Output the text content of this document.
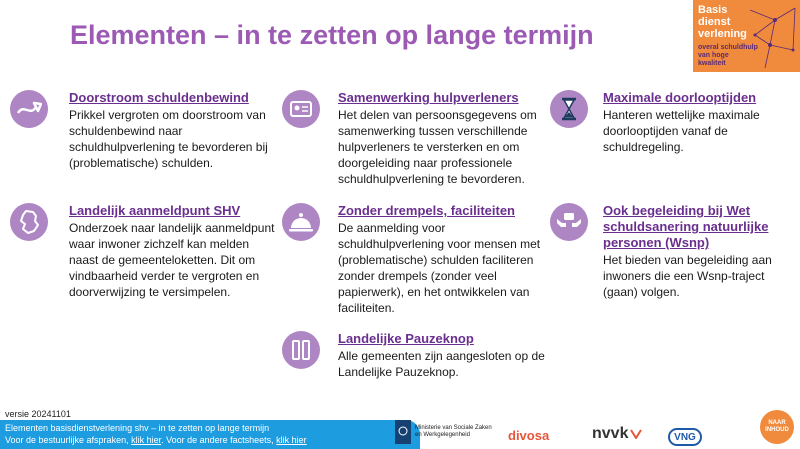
Elementen – in te zetten op lange termijn
Basis
dienst
verlening
overal schuldhulp van hoge kwaliteit
Doorstroom schuldenbewind
Prikkel vergroten om doorstroom van schuldenbewind naar schuldhulpverlening te bevorderen bij (problematische) schulden.
Samenwerking hulpverleners
Het delen van persoonsgegevens om samenwerking tussen verschillende hulpverleners te versterken en om doorgeleiding naar professionele schuldhulpverlening te bevorderen.
Maximale doorlooptijden
Hanteren wettelijke maximale doorlooptijden vanaf de schuldregeling.
Landelijk aanmeldpunt SHV
Onderzoek naar landelijk aanmeldpunt waar inwoner zichzelf kan melden naast de gemeenteloketten. Dit om vindbaarheid verder te vergroten en doorverwijzing te versimpelen.
Zonder drempels, faciliteiten
De aanmelding voor schuldhulpverlening voor mensen met (problematische) schulden faciliteren zonder drempels (zonder veel papierwerk), en het ontwikkelen van faciliteiten.
Ook begeleiding bij Wet schuldsanering natuurlijke personen (Wsnp)
Het bieden van begeleiding aan inwoners die een Wsnp-traject (gaan) volgen.
Landelijke Pauzeknop
Alle gemeenten zijn aangesloten op de Landelijke Pauzeknop.
versie 20241101
Elementen basisdienstverlening shv – in te zetten op lange termijn
Voor de bestuurlijke afspraken, klik hier. Voor de andere factsheets, klik hier
Ministerie van Sociale Zaken en Werkgelegenheid	divosa	nvvk	VNG
NAAR INHOUD
